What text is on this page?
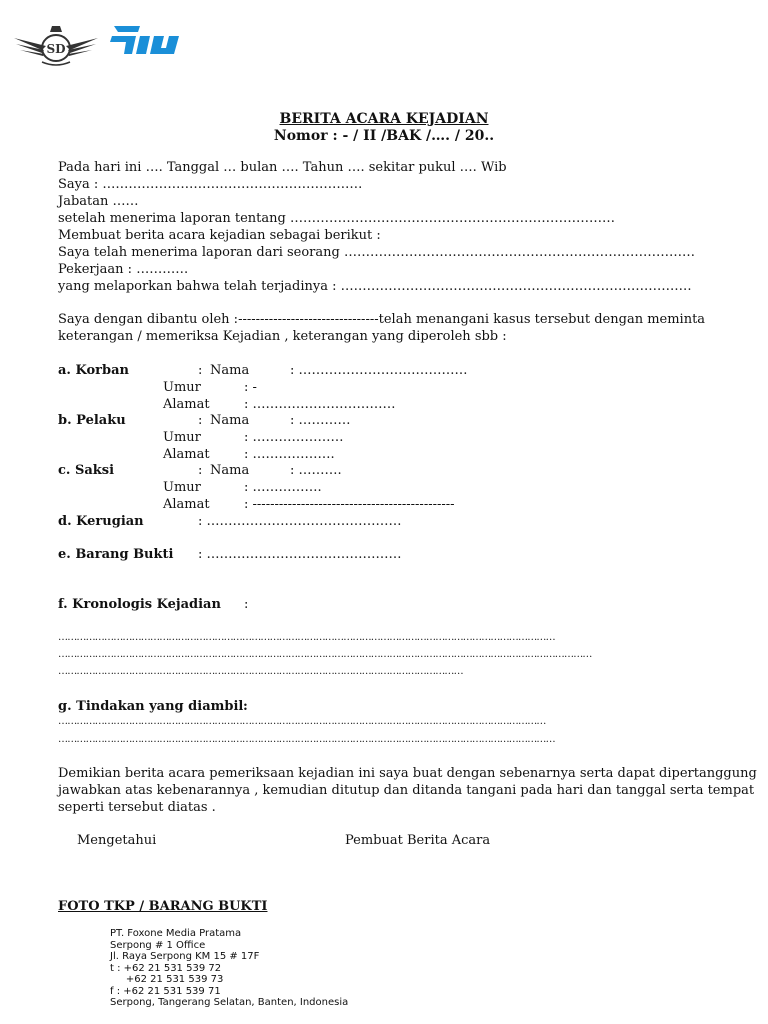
SD
BERITA ACARA KEJADIAN
Nomor : - / II /BAK /…. / 20..
Pada hari ini …. Tanggal … bulan …. Tahun …. sekitar pukul …. Wib
Saya : ……………………………………………………
Jabatan ……
setelah menerima laporan tentang …………………………………………………………………
Membuat berita acara kejadian sebagai berikut :
Saya telah menerima laporan dari seorang ………………………………………………………………………
Pekerjaan : …………
yang melaporkan bahwa telah terjadinya : ………………………………………………………………………
Saya dengan dibantu oleh :--------------------------------telah menangani kasus tersebut dengan meminta
keterangan / memeriksa Kejadian , keterangan yang diperoleh sbb :
a. Korban	: Nama	: …………………………………
Umur	: -
Alamat	: ……………………………
b. Pelaku	: Nama	: …………
Umur	: …………………
Alamat	: ……………….
c. Saksi	: Nama	: ……….
Umur	: …………….
Alamat	: ----------------------------------------------
d. Kerugian	: ………………………………………
e. Barang Bukti : ………………………………………
f. Kronologis Kejadian :
………………………………………………………………………………………………………………………………………………
…………………………………………………………………………………………………………………………………………………………
……………………………………………………………………………………………………………………
g. Tindakan yang diambil :
……………………………………………………………………………………………………………………………………………
………………………………………………………………………………………………………………………………………………
Demikian berita acara pemeriksaan kejadian ini saya buat dengan sebenarnya serta dapat dipertanggung
jawabkan atas kebenarannya , kemudian ditutup dan ditanda tangani pada hari dan tanggal serta tempat
seperti tersebut diatas .
Mengetahui	Pembuat Berita Acara
FOTO TKP / BARANG BUKTI
PT. Foxone Media Pratama
Serpong # 1 Office
Jl. Raya Serpong KM 15 # 17F
t : +62 21 531 539 72
+62 21 531 539 73
f : +62 21 531 539 71
Serpong, Tangerang Selatan, Banten, Indonesia
